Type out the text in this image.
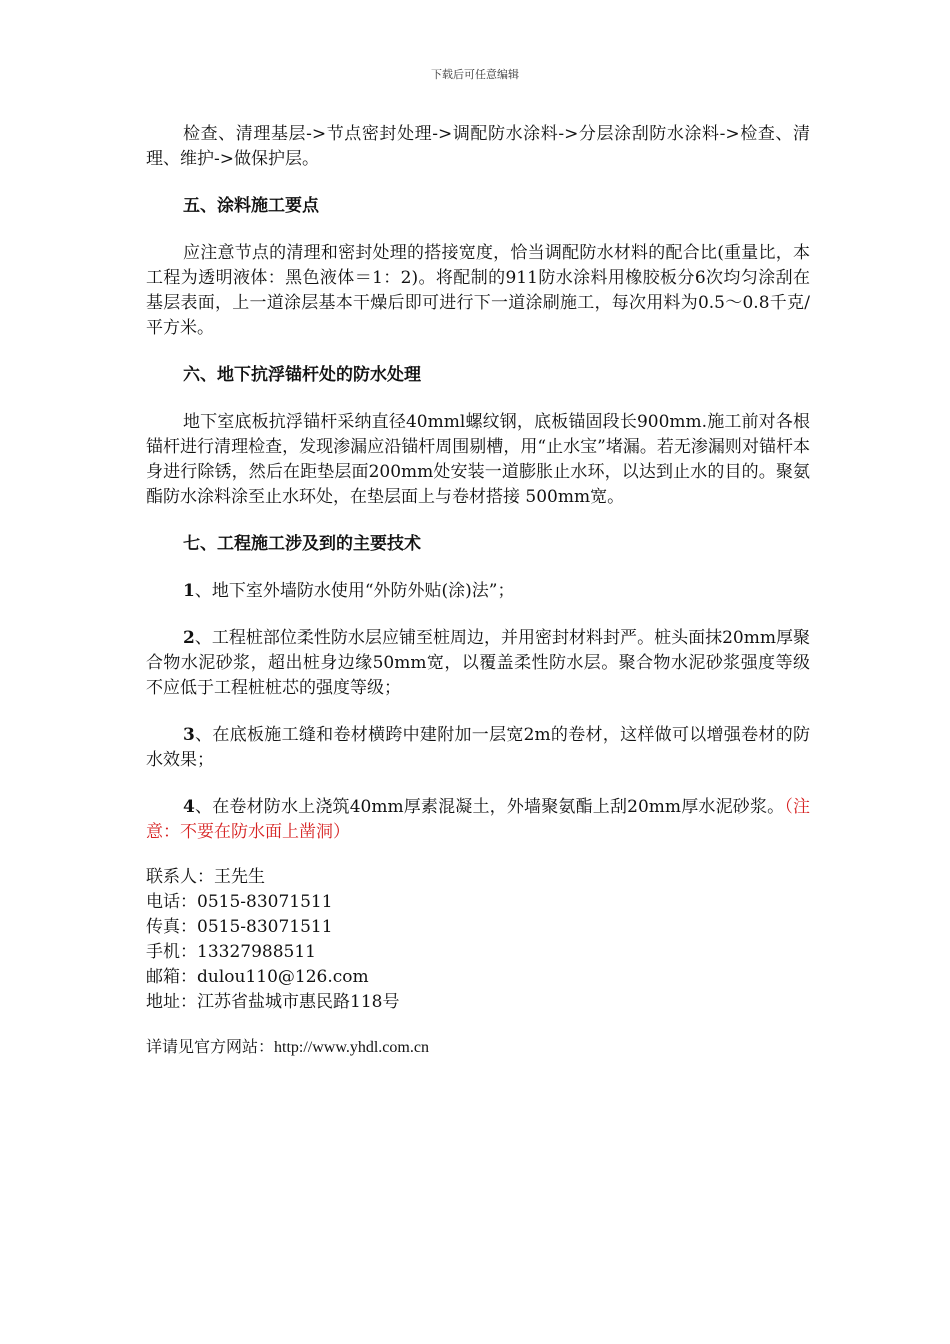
下载后可任意编辑

检查、清理基层->节点密封处理->调配防水涂料->分层涂刮防水涂料->检查、清理、维护->做保护层。

五、涂料施工要点

应注意节点的清理和密封处理的搭接宽度，恰当调配防水材料的配合比(重量比，本工程为透明液体：黑色液体＝1：2)。将配制的911防水涂料用橡胶板分6次均匀涂刮在基层表面，上一道涂层基本干燥后即可进行下一道涂刷施工，每次用料为0.5～0.8千克/平方米。

六、地下抗浮锚杆处的防水处理

地下室底板抗浮锚杆采纳直径40mml螺纹钢，底板锚固段长900mm.施工前对各根锚杆进行清理检查，发现渗漏应沿锚杆周围剔槽，用“止水宝”堵漏。若无渗漏则对锚杆本身进行除锈，然后在距垫层面200mm处安装一道膨胀止水环，以达到止水的目的。聚氨酯防水涂料涂至止水环处，在垫层面上与卷材搭接 500mm宽。

七、工程施工涉及到的主要技术

1、地下室外墙防水使用“外防外贴(涂)法”；

2、工程桩部位柔性防水层应铺至桩周边，并用密封材料封严。桩头面抹20mm厚聚合物水泥砂浆，超出桩身边缘50mm宽，以覆盖柔性防水层。聚合物水泥砂浆强度等级不应低于工程桩桩芯的强度等级；

3、在底板施工缝和卷材横跨中建附加一层宽2m的卷材，这样做可以增强卷材的防水效果；

4、在卷材防水上浇筑40mm厚素混凝土，外墙聚氨酯上刮20mm厚水泥砂浆。（注意：不要在防水面上凿洞）

联系人：王先生

电话：0515-83071511

传真：0515-83071511

手机：13327988511

邮箱：dulou110@126.com

地址：江苏省盐城市惠民路118号

详请见官方网站：http://www.yhdl.com.cn
